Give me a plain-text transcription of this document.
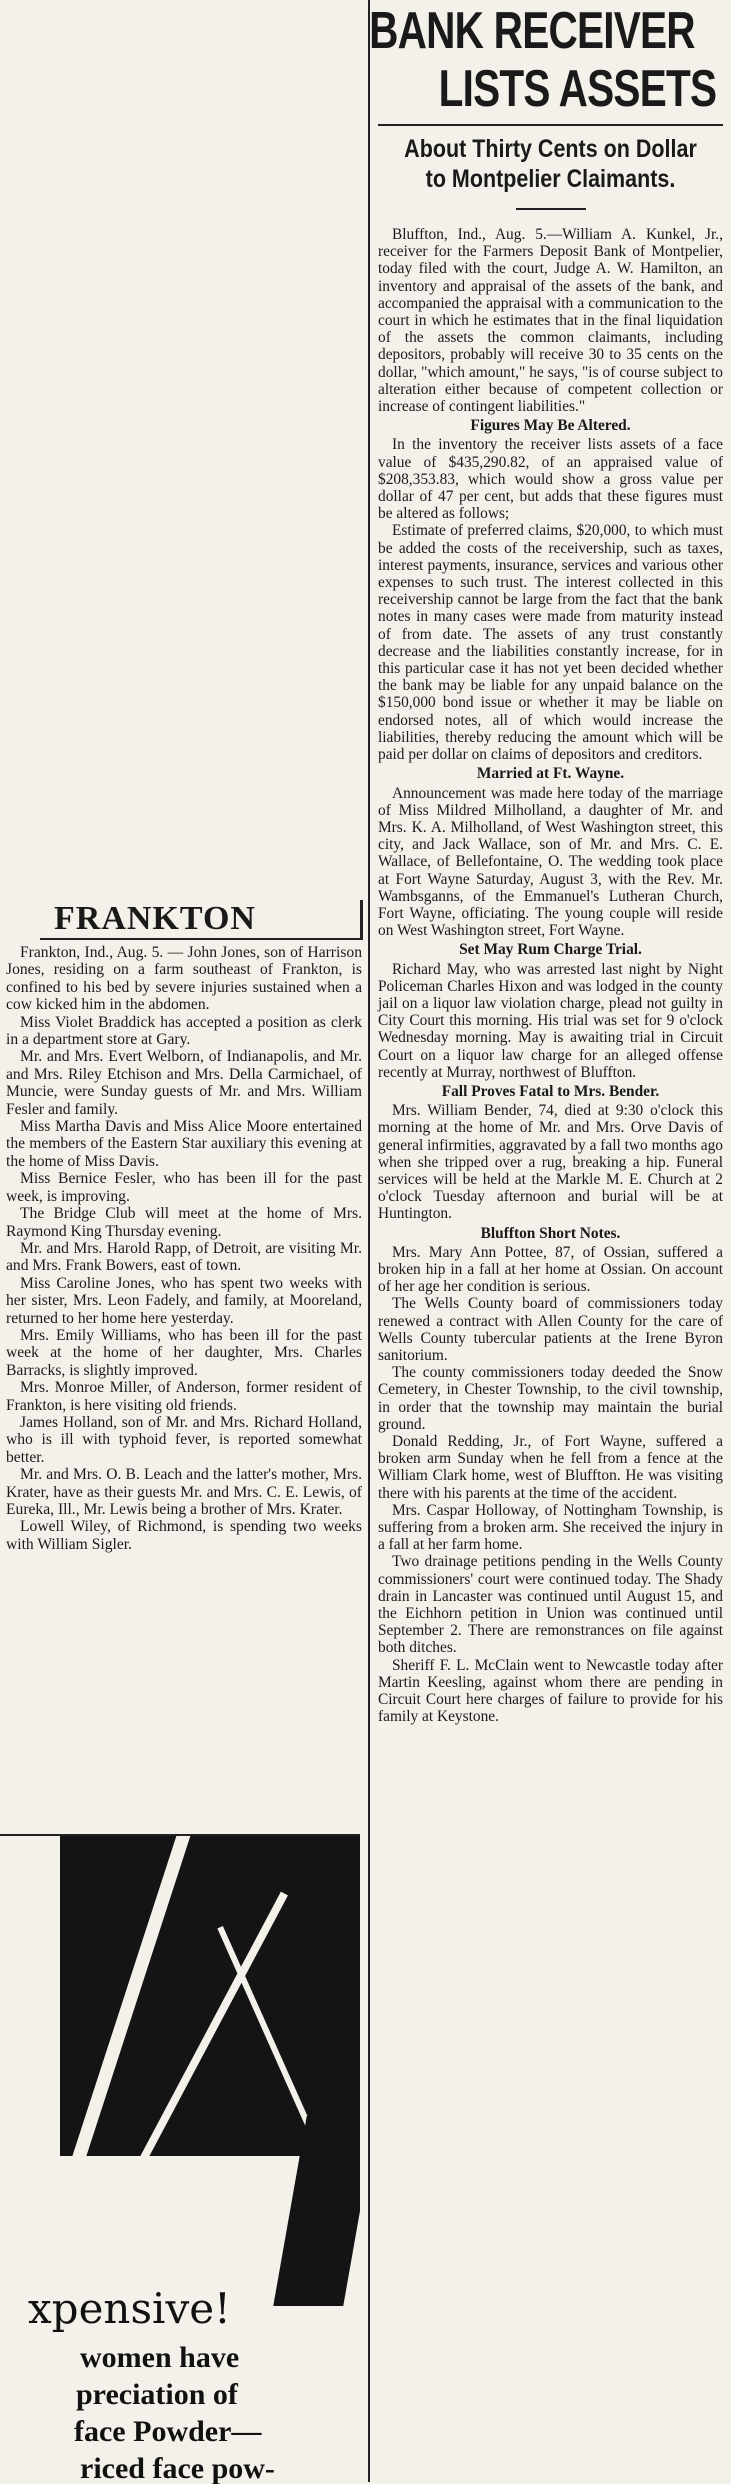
BANK RECEIVER
LISTS ASSETS
About Thirty Cents on Dollar
to Montpelier Claimants.

Bluffton, Ind., Aug. 5.—William A. Kunkel, Jr., receiver for the Farmers Deposit Bank of Montpelier, today filed with the court, Judge A. W. Hamilton, an inventory and appraisal of the assets of the bank, and accompanied the appraisal with a communication to the court in which he estimates that in the final liquidation of the assets the common claimants, including depositors, probably will receive 30 to 35 cents on the dollar, "which amount," he says, "is of course subject to alteration either because of competent collection or increase of contingent liabilities."

Figures May Be Altered.

In the inventory the receiver lists assets of a face value of $435,290.82, of an appraised value of $208,353.83, which would show a gross value per dollar of 47 per cent, but adds that these figures must be altered as follows;

Estimate of preferred claims, $20,000, to which must be added the costs of the receivership, such as taxes, interest payments, insurance, services and various other expenses to such trust. The interest collected in this receivership cannot be large from the fact that the bank notes in many cases were made from maturity instead of from date. The assets of any trust constantly decrease and the liabilities constantly increase, for in this particular case it has not yet been decided whether the bank may be liable for any unpaid balance on the $150,000 bond issue or whether it may be liable on endorsed notes, all of which would increase the liabilities, thereby reducing the amount which will be paid per dollar on claims of depositors and creditors.

Married at Ft. Wayne.

Announcement was made here today of the marriage of Miss Mildred Milholland, a daughter of Mr. and Mrs. K. A. Milholland, of West Washington street, this city, and Jack Wallace, son of Mr. and Mrs. C. E. Wallace, of Bellefontaine, O. The wedding took place at Fort Wayne Saturday, August 3, with the Rev. Mr. Wambsganns, of the Emmanuel's Lutheran Church, Fort Wayne, officiating. The young couple will reside on West Washington street, Fort Wayne.

Set May Rum Charge Trial.

Richard May, who was arrested last night by Night Policeman Charles Hixon and was lodged in the county jail on a liquor law violation charge, plead not guilty in City Court this morning. His trial was set for 9 o'clock Wednesday morning. May is awaiting trial in Circuit Court on a liquor law charge for an alleged offense recently at Murray, northwest of Bluffton.

Fall Proves Fatal to Mrs. Bender.

Mrs. William Bender, 74, died at 9:30 o'clock this morning at the home of Mr. and Mrs. Orve Davis of general infirmities, aggravated by a fall two months ago when she tripped over a rug, breaking a hip. Funeral services will be held at the Markle M. E. Church at 2 o'clock Tuesday afternoon and burial will be at Huntington.

Bluffton Short Notes.

Mrs. Mary Ann Pottee, 87, of Ossian, suffered a broken hip in a fall at her home at Ossian. On account of her age her condition is serious.

The Wells County board of commissioners today renewed a contract with Allen County for the care of Wells County tubercular patients at the Irene Byron sanitorium.

The county commissioners today deeded the Snow Cemetery, in Chester Township, to the civil township, in order that the township may maintain the burial ground.

Donald Redding, Jr., of Fort Wayne, suffered a broken arm Sunday when he fell from a fence at the William Clark home, west of Bluffton. He was visiting there with his parents at the time of the accident.

Mrs. Caspar Holloway, of Nottingham Township, is suffering from a broken arm. She received the injury in a fall at her farm home.

Two drainage petitions pending in the Wells County commissioners' court were continued today. The Shady drain in Lancaster was continued until August 15, and the Eichhorn petition in Union was continued until September 2. There are remonstrances on file against both ditches.

Sheriff F. L. McClain went to Newcastle today after Martin Keesling, against whom there are pending in Circuit Court here charges of failure to provide for his family at Keystone.

FRANKTON

Frankton, Ind., Aug. 5. — John Jones, son of Harrison Jones, residing on a farm southeast of Frankton, is confined to his bed by severe injuries sustained when a cow kicked him in the abdomen.

Miss Violet Braddick has accepted a position as clerk in a department store at Gary.

Mr. and Mrs. Evert Welborn, of Indianapolis, and Mr. and Mrs. Riley Etchison and Mrs. Della Carmichael, of Muncie, were Sunday guests of Mr. and Mrs. William Fesler and family.

Miss Martha Davis and Miss Alice Moore entertained the members of the Eastern Star auxiliary this evening at the home of Miss Davis.

Miss Bernice Fesler, who has been ill for the past week, is improving.

The Bridge Club will meet at the home of Mrs. Raymond King Thursday evening.

Mr. and Mrs. Harold Rapp, of Detroit, are visiting Mr. and Mrs. Frank Bowers, east of town.

Miss Caroline Jones, who has spent two weeks with her sister, Mrs. Leon Fadely, and family, at Mooreland, returned to her home here yesterday.

Mrs. Emily Williams, who has been ill for the past week at the home of her daughter, Mrs. Charles Barracks, is slightly improved.

Mrs. Monroe Miller, of Anderson, former resident of Frankton, is here visiting old friends.

James Holland, son of Mr. and Mrs. Richard Holland, who is ill with typhoid fever, is reported somewhat better.

Mr. and Mrs. O. B. Leach and the latter's mother, Mrs. Krater, have as their guests Mr. and Mrs. C. E. Lewis, of Eureka, Ill., Mr. Lewis being a brother of Mrs. Krater.

Lowell Wiley, of Richmond, is spending two weeks with William Sigler.

xpensive!
women have
preciation of
face Powder—
riced face pow-
